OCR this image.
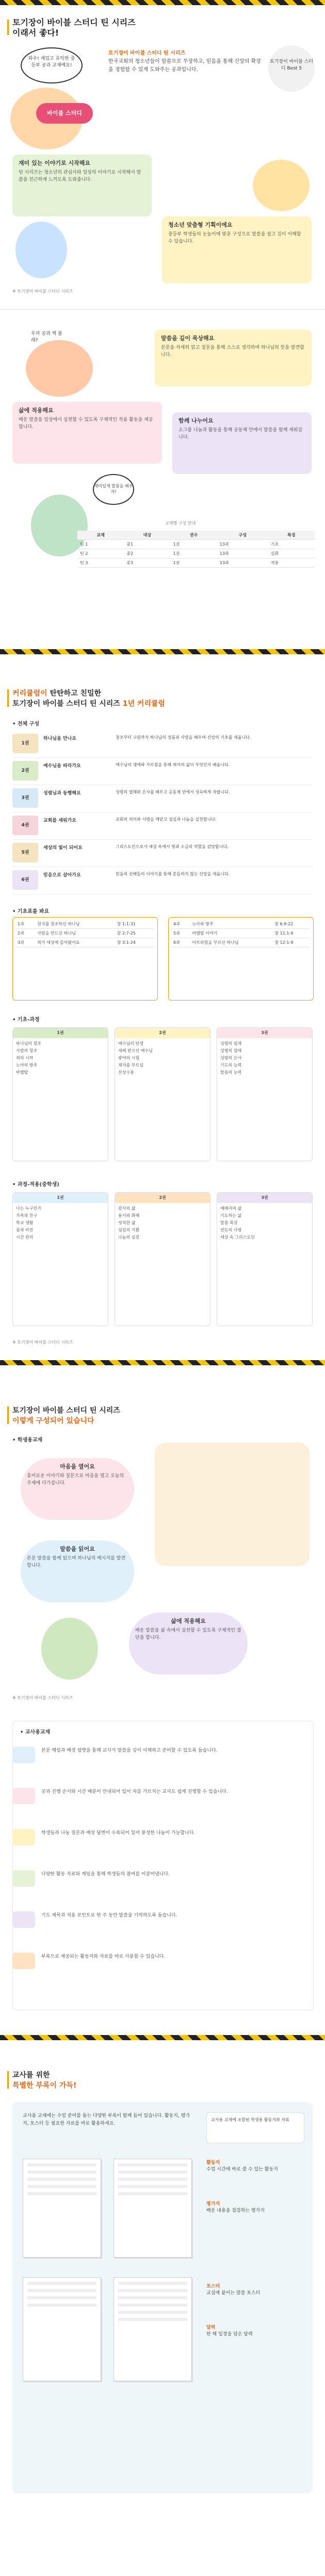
토기장이 바이블 스터디 틴 시리즈
이래서 좋다!
와우! 재밌고 유익한 중등부 공과 교재예요!
바이블 스터디
토기장이 바이블 스터디 틴 시리즈
한국교회의 청소년들이 말씀으로 무장하고, 믿음을 통해 신앙의 확장을 경험할 수 있게 도와주는 공과입니다.
토기장이 바이블 스터디 Best 5
재미 있는 이야기로 시작해요
틴 시리즈는 청소년의 관심사와 일상의 이야기로 시작해서 말씀을 친근하게 느끼도록 도와줍니다.
청소년 맞춤형 기획이에요
중등부 학생들의 눈높이에 맞춘 구성으로 말씀을 쉽고 깊이 이해할 수 있습니다.
※ 토기장이 바이블 스터디 시리즈
말씀을 깊이 묵상해요
본문을 자세히 읽고 질문을 통해 스스로 생각하며 하나님의 뜻을 발견합니다.
우리 공과 책 볼래?
삶에 적용해요
배운 말씀을 일상에서 실천할 수 있도록 구체적인 적용 활동을 제공합니다.
함께 나누어요
소그룹 나눔과 활동을 통해 공동체 안에서 말씀을 함께 세워갑니다.
재미있게 말씀을 배우자!
교재별 구성 안내
교재	대상	권수	구성	특징
틴 1	중1	1권	13과	기초
틴 2	중2	1권	13과	심화
틴 3	중3	1권	13과	적용
커리큘럼이 탄탄하고 친밀한
토기장이 바이블 스터디 틴 시리즈 1년 커리큘럼
• 전체 구성
1권
하나님을 만나요	창조부터 구원까지 하나님의 성품과 사랑을 배우며 신앙의 기초를 세웁니다.
2권
예수님을 따라가요	예수님의 생애와 가르침을 통해 제자의 삶이 무엇인지 배웁니다.
3권
성령님과 동행해요	성령의 열매와 은사를 배우고 공동체 안에서 성숙하게 자랍니다.
4권
교회를 세워가요	교회의 의미와 사명을 깨닫고 섬김과 나눔을 실천합니다.
5권
세상의 빛이 되어요	그리스도인으로서 세상 속에서 빛과 소금의 역할을 감당합니다.
6권
믿음으로 살아가요	믿음의 선배들의 이야기를 통해 흔들리지 않는 신앙을 세웁니다.
• 기초표를 봐요
1과	천지를 창조하신 하나님	창 1:1-31
2과	사람을 만드신 하나님	창 2:7-25
3과	죄가 세상에 들어왔어요	창 3:1-24
4과	노아와 방주	창 6:9-22
5과	바벨탑 이야기	창 11:1-9
6과	아브라함을 부르신 하나님	창 12:1-9
• 기초-과정
1권
하나님의 창조
사람의 창조
죄의 시작
노아의 방주
바벨탑
2권
예수님의 탄생
세례 받으신 예수님
광야의 시험
제자를 부르심
산상수훈
3권
성령의 임재
성령의 열매
성령의 은사
기도의 능력
말씀의 능력
• 과정-적용(중학생)
1권
나는 누구인가
가족과 친구
학교 생활
꿈과 비전
시간 관리
2권
감사의 삶
용서와 화해
정직한 삶
섬김의 기쁨
나눔의 실천
3권
예배자의 삶
기도하는 삶
말씀 묵상
전도의 사명
세상 속 그리스도인
※ 토기장이 바이블 스터디 시리즈
토기장이 바이블 스터디 틴 시리즈
이렇게 구성되어 있습니다
• 학생용교재
마음을 열어요
흥미로운 이야기와 질문으로 마음을 열고 오늘의 주제에 다가갑니다.
말씀을 읽어요
본문 말씀을 함께 읽으며 하나님의 메시지를 발견합니다.
삶에 적용해요
배운 말씀을 삶 속에서 실천할 수 있도록 구체적인 결단을 합니다.
※ 토기장이 바이블 스터디 시리즈
• 교사용교재
본문 해설과 배경 설명을 통해 교사가 말씀을 깊이 이해하고 준비할 수 있도록 돕습니다.
공과 진행 순서와 시간 배분이 안내되어 있어 처음 가르치는 교사도 쉽게 진행할 수 있습니다.
학생들과 나눌 질문과 예상 답변이 수록되어 있어 풍성한 나눔이 가능합니다.
다양한 활동 자료와 게임을 통해 학생들의 참여를 이끌어냅니다.
기도 제목과 적용 포인트로 한 주 동안 말씀을 기억하도록 돕습니다.
부록으로 제공되는 활동지와 자료를 바로 사용할 수 있습니다.
교사를 위한
특별한 부록이 가득!
교사용 교재에는 수업 준비를 돕는 다양한 부록이 함께 들어 있습니다. 활동지, 평가지, 포스터 등 필요한 자료를 바로 활용하세요.
교사용 교재에 포함된 학생용 활동지와 자료
활동지
수업 시간에 바로 쓸 수 있는 활동지
평가지
배운 내용을 점검하는 평가지
포스터
교실에 붙이는 말씀 포스터
달력
한 해 일정을 담은 달력
